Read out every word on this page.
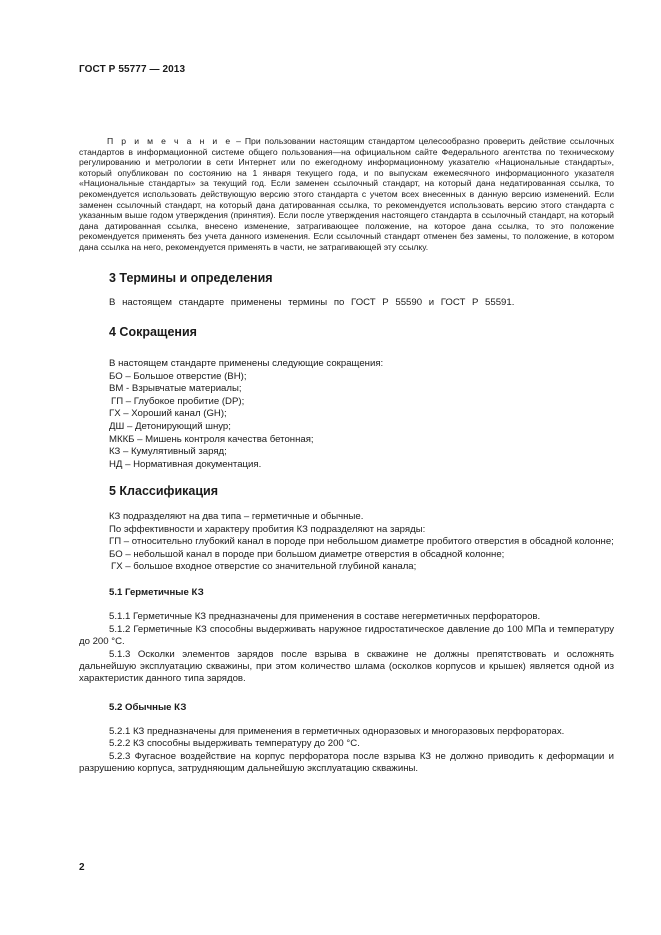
ГОСТ Р 55777 — 2013

П р и м е ч а н и е – При пользовании настоящим стандартом целесообразно проверить действие ссылочных стандартов в информационной системе общего пользования—на официальном сайте Федерального агентства по техническому регулированию и метрологии в сети Интернет или по ежегодному информационному указателю «Национальные стандарты», который опубликован по состоянию на 1 января текущего года, и по выпускам ежемесячного информационного указателя «Национальные стандарты» за текущий год. Если заменен ссылочный стандарт, на который дана недатированная ссылка, то рекомендуется использовать действующую версию этого стандарта с учетом всех внесенных в данную версию изменений. Если заменен ссылочный стандарт, на который дана датированная ссылка, то рекомендуется использовать версию этого стандарта с указанным выше годом утверждения (принятия). Если после утверждения настоящего стандарта в ссылочный стандарт, на который дана датированная ссылка, внесено изменение, затрагивающее положение, на которое дана ссылка, то это положение рекомендуется применять без учета данного изменения. Если ссылочный стандарт отменен без замены, то положение, в котором дана ссылка на него, рекомендуется применять в части, не затрагивающей эту ссылку.

3 Термины и определения

В настоящем стандарте применены термины по ГОСТ Р 55590 и ГОСТ Р 55591.

4 Сокращения

В настоящем стандарте применены следующие сокращения:

БО – Большое отверстие (BH);

ВМ - Взрывчатые материалы;

ГП – Глубокое пробитие (DP);

ГХ – Хороший канал (GH);

ДШ – Детонирующий шнур;

МККБ – Мишень контроля качества бетонная;

КЗ – Кумулятивный заряд;

НД – Нормативная документация.

5 Классификация

КЗ подразделяют на два типа – герметичные и обычные.

По эффективности и характеру пробития КЗ подразделяют на заряды:

ГП – относительно глубокий канал в породе при небольшом диаметре пробитого отверстия в обсадной колонне;

БО – небольшой канал в породе при большом диаметре отверстия в обсадной колонне;

ГХ – большое входное отверстие со значительной глубиной канала;

5.1 Герметичные КЗ

5.1.1 Герметичные КЗ предназначены для применения в составе негерметичных перфораторов.

5.1.2 Герметичные КЗ способны выдерживать наружное гидростатическое давление до 100 МПа и температуру до 200 °С.

5.1.3 Осколки элементов зарядов после взрыва в скважине не должны препятствовать и осложнять дальнейшую эксплуатацию скважины, при этом количество шлама (осколков корпусов и крышек) является одной из характеристик данного типа зарядов.

5.2 Обычные КЗ

5.2.1 КЗ предназначены для применения в герметичных одноразовых и многоразовых перфораторах.

5.2.2 КЗ способны выдерживать температуру до 200 °С.

5.2.3 Фугасное воздействие на корпус перфоратора после взрыва КЗ не должно приводить к деформации и разрушению корпуса, затрудняющим дальнейшую эксплуатацию скважины.

2
